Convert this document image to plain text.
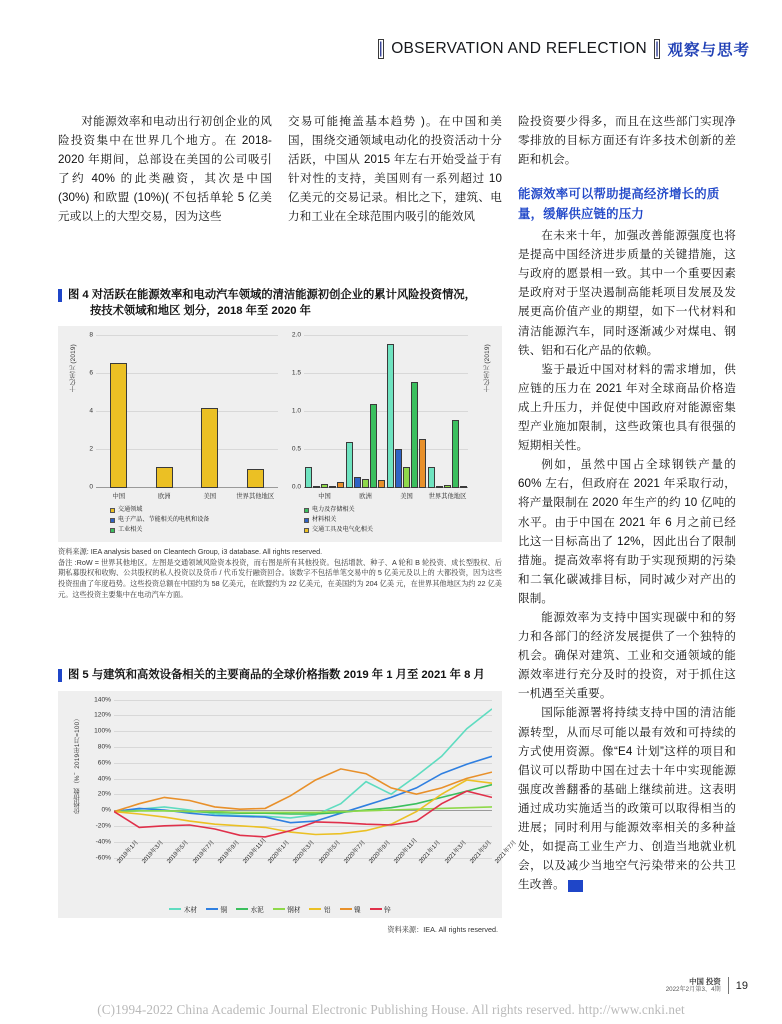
| OBSERVATION AND REFLECTION | 观察与思考

对能源效率和电动出行初创企业的风险投资集中在世界几个地方。在 2018-2020 年期间，总部设在美国的公司吸引了约 40% 的此类融资，其次是中国 (30%) 和欧盟 (10%)( 不包括单轮 5 亿美元或以上的大型交易，因为这些

交易可能掩盖基本趋势 )。在中国和美国，围绕交通领域电动化的投资活动十分活跃，中国从 2015 年左右开始受益于有针对性的支持，美国则有一系列超过 10 亿美元的交易记录。相比之下，建筑、电力和工业在全球范围内吸引的能效风

险投资要少得多，而且在这些部门实现净零排放的目标方面还有许多技术创新的差距和机会。

能源效率可以帮助提高经济增长的质量，缓解供应链的压力

在未来十年，加强改善能源强度也将是提高中国经济进步质量的关键措施，这与政府的愿景相一致。其中一个重要因素是政府对于坚决遏制高能耗项目发展及发展更高价值产业的期望，如下一代材料和清洁能源汽车，同时逐渐减少对煤电、钢铁、铝和石化产品的依赖。

鉴于最近中国对材料的需求增加，供应链的压力在 2021 年对全球商品价格造成上升压力，并促使中国政府对能源密集型产业施加限制，这些政策也具有很强的短期相关性。

例如，虽然中国占全球钢铁产量的 60% 左右，但政府在 2021 年采取行动，将产量限制在 2020 年生产的约 10 亿吨的水平。由于中国在 2021 年 6 月之前已经比这一目标高出了 12%，因此出台了限制措施。提高效率将有助于实现预期的污染和二氧化碳减排目标，同时减少对产出的限制。

能源效率为支持中国实现碳中和的努力和各部门的经济发展提供了一个独特的机会。确保对建筑、工业和交通领域的能源效率进行充分及时的投资，对于抓住这一机遇至关重要。

国际能源署将持续支持中国的清洁能源转型，从而尽可能以最有效和可持续的方式使用资源。像“E4 计划”这样的项目和倡议可以帮助中国在过去十年中实现能源强度改善翻番的基础上继续前进。这表明通过成功实施适当的政策可以取得相当的进展；同时利用与能源效率相关的多种益处，如提高工业生产力、创造当地就业机会，以及减少当地空气污染带来的公共卫生改善。	IZ

图 4 对活跃在能源效率和电动汽车领域的清洁能源初创企业的累计风险投资情况，
按技术领域和地区 划分，2018 年至 2020 年
十亿美元 (2019)
0
2
4
6
8
中国	欧洲	美国	世界其他地区
交通领域
电子产品、节能相关的电机和设备
工业相关
十亿美元 (2019)
0.0
0.5
1.0
1.5
2.0
中国	欧洲	美国	世界其他地区
电力及存储相关
材料相关
交通工具及电气化相关
资料来源: IEA analysis based on Cleantech Group, i3 database. All rights reserved.
备注 :RoW = 世界其他地区。左图是交通领域风险资本投资，而右图是所有其他投资。包括增款、种子、A 轮和 B 轮投资、成长型股权、后期私募股权和收购、公共股权的私人投资以及货币 / 代币发行融资回合。该数字不包括单笔交易中的 5 亿美元及以上的 大都投资，因为这些投资扭曲了年度趋势。这些投资总额在中国约为 58 亿美元，在欧盟约为 22 亿美元，在美国约为 204 亿美 元，在世界其他地区为约 22 亿美元。这些投资主要集中在电动汽车方面。
图 5 与建筑和高效设备相关的主要商品的全球价格指数 2019 年 1 月至 2021 年 8 月
价格指数（%，2019年1月=100）
140%
120%
100%
80%
60%
40%
20%
0%
-20%
-40%
-60% 2019年1月 2019年3月 2019年5月 2019年7月 2019年9月 2019年11月 2020年1月 2020年3月 2020年5月 2020年7月 2020年9月 2020年11月 2021年1月 2021年3月 2021年5月 2021年7月
木材	铜	水泥	钢材	铝	镍	锌
资料来源：IEA. All rights reserved.
中国 投资
2022年2月第3、4期 19
(C)1994-2022 China Academic Journal Electronic Publishing House. All rights reserved. http://www.cnki.net
